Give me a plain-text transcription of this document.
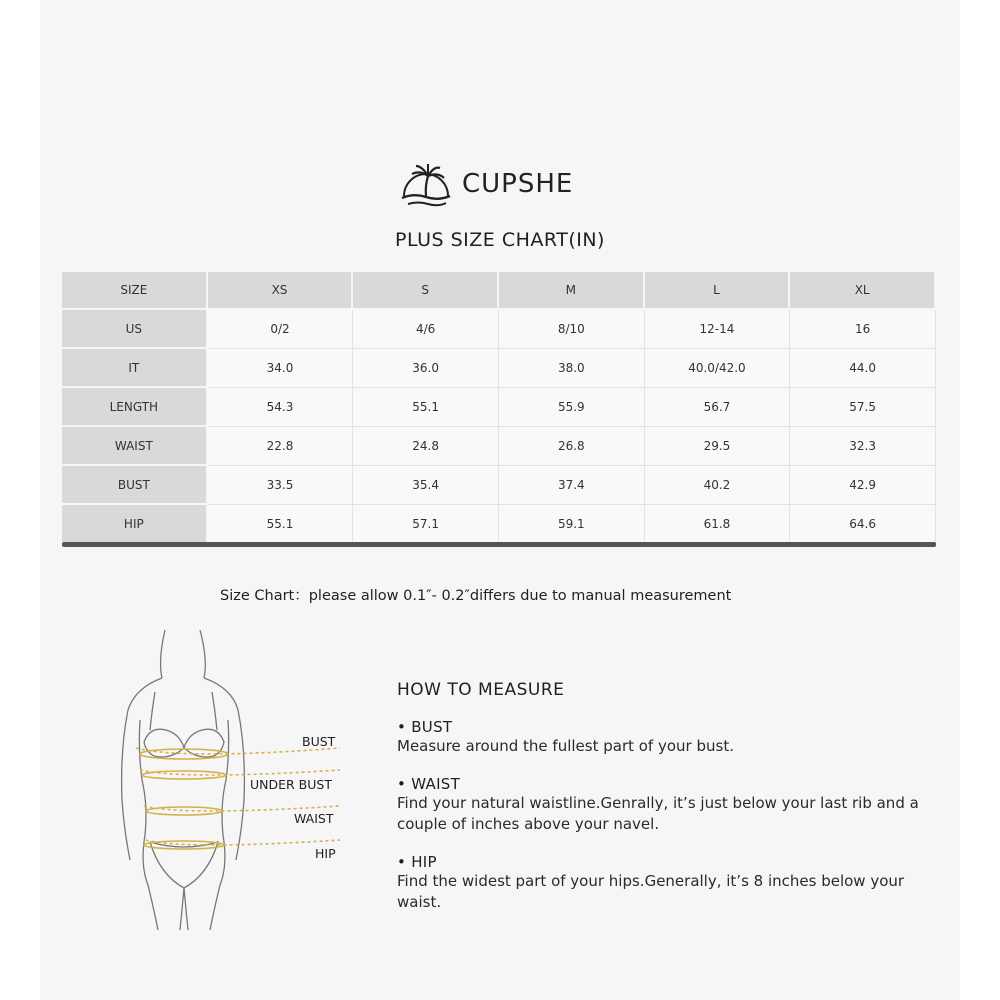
CUPSHE
PLUS SIZE CHART(IN)
SIZE	XS	S	M	L	XL
US	0/2	4/6	8/10	12-14	16
IT	34.0	36.0	38.0	40.0/42.0	44.0
LENGTH	54.3	55.1	55.9	56.7	57.5
WAIST	22.8	24.8	26.8	29.5	32.3
BUST	33.5	35.4	37.4	40.2	42.9
HIP	55.1	57.1	59.1	61.8	64.6
Size Chart：please allow 0.1″- 0.2″differs due to manual measurement
BUST
UNDER BUST
WAIST
HIP
HOW TO MEASURE
• BUST
Measure around the fullest part of your bust.
• WAIST
Find your natural waistline.Genrally, it’s just below your last rib and a couple of inches above your navel.
• HIP
Find the widest part of your hips.Generally, it’s 8 inches below your waist.
